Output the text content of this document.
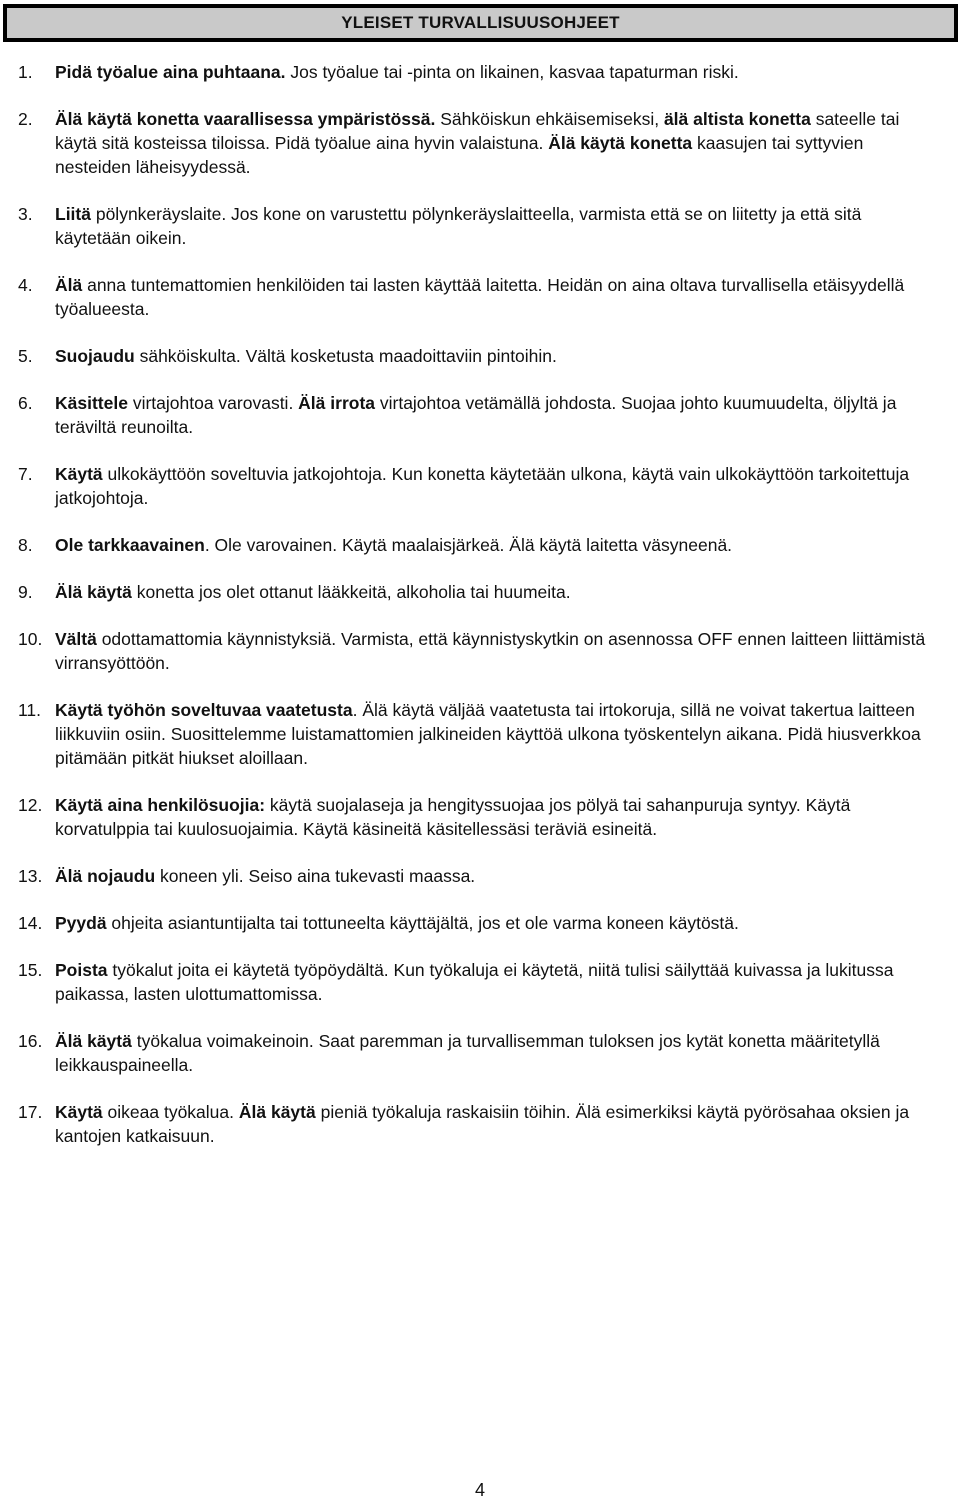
YLEISET TURVALLISUUSOHJEET
1.	Pidä työalue aina puhtaana. Jos työalue tai -pinta on likainen, kasvaa tapaturman riski.
2.	Älä käytä konetta vaarallisessa ympäristössä. Sähköiskun ehkäisemiseksi, älä altista konetta sateelle tai käytä sitä kosteissa tiloissa. Pidä työalue aina hyvin valaistuna. Älä käytä konetta kaasujen tai syttyvien nesteiden läheisyydessä.
3.	Liitä pölynkeräyslaite. Jos kone on varustettu pölynkeräyslaitteella, varmista että se on liitetty ja että sitä käytetään oikein.
4.	Älä anna tuntemattomien henkilöiden tai lasten käyttää laitetta. Heidän on aina oltava turvallisella etäisyydellä työalueesta.
5.	Suojaudu sähköiskulta. Vältä kosketusta maadoittaviin pintoihin.
6.	Käsittele virtajohtoa varovasti. Älä irrota virtajohtoa vetämällä johdosta. Suojaa johto kuumuudelta, öljyltä ja teräviltä reunoilta.
7.	Käytä ulkokäyttöön soveltuvia jatkojohtoja. Kun konetta käytetään ulkona, käytä vain ulkokäyttöön tarkoitettuja jatkojohtoja.
8.	Ole tarkkaavainen. Ole varovainen. Käytä maalaisjärkeä. Älä käytä laitetta väsyneenä.
9.	Älä käytä konetta jos olet ottanut lääkkeitä, alkoholia tai huumeita.
10. Vältä odottamattomia käynnistyksiä. Varmista, että käynnistyskytkin on asennossa OFF ennen laitteen liittämistä virransyöttöön.
11. Käytä työhön soveltuvaa vaatetusta. Älä käytä väljää vaatetusta tai irtokoruja, sillä ne voivat takertua laitteen liikkuviin osiin. Suosittelemme luistamattomien jalkineiden käyttöä ulkona työskentelyn aikana. Pidä hiusverkkoa pitämään pitkät hiukset aloillaan.
12. Käytä aina henkilösuojia: käytä suojalaseja ja hengityssuojaa jos pölyä tai sahanpuruja syntyy. Käytä korvatulppia tai kuulosuojaimia. Käytä käsineitä käsitellessäsi teräviä esineitä.
13. Älä nojaudu koneen yli. Seiso aina tukevasti maassa.
14. Pyydä ohjeita asiantuntijalta tai tottuneelta käyttäjältä, jos et ole varma koneen käytöstä.
15. Poista työkalut joita ei käytetä työpöydältä. Kun työkaluja ei käytetä, niitä tulisi säilyttää kuivassa ja lukitussa paikassa, lasten ulottumattomissa.
16. Älä käytä työkalua voimakeinoin. Saat paremman ja turvallisemman tuloksen jos kytät konetta määritetyllä leikkauspaineella.
17. Käytä oikeaa työkalua. Älä käytä pieniä työkaluja raskaisiin töihin. Älä esimerkiksi käytä pyörösahaa oksien ja kantojen katkaisuun.
4
